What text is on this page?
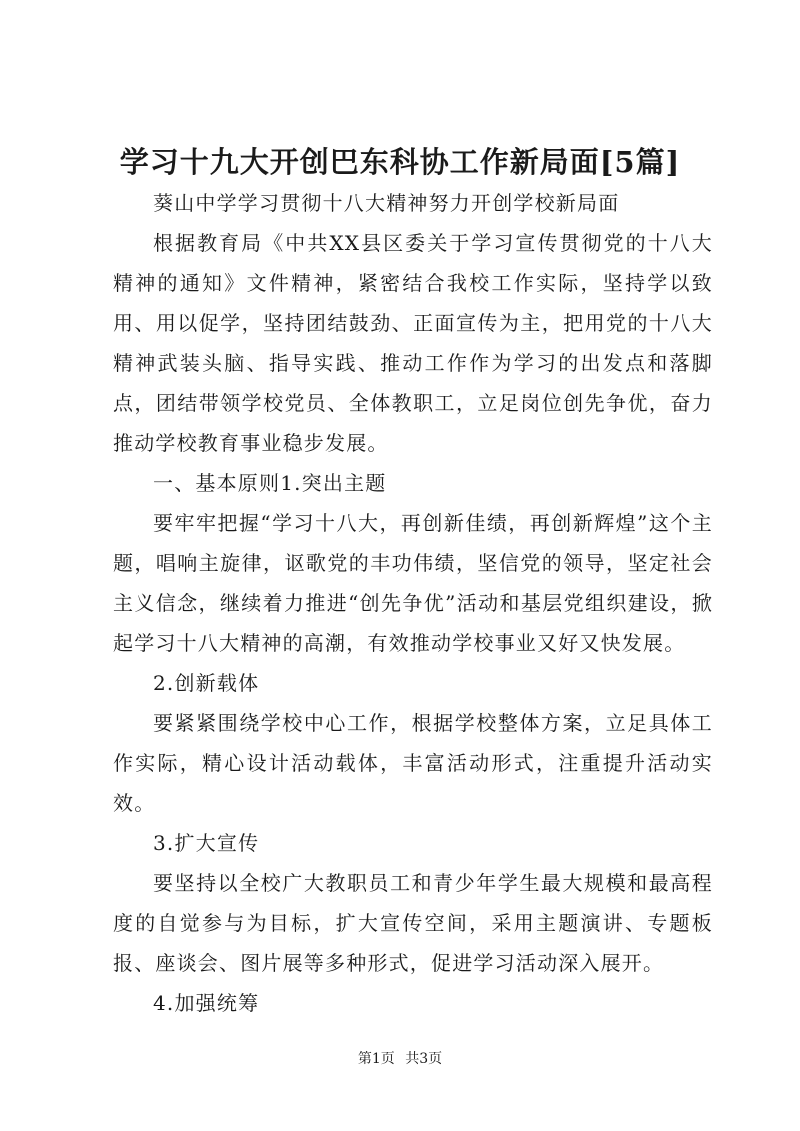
学习十九大开创巴东科协工作新局面[5篇]

葵山中学学习贯彻十八大精神努力开创学校新局面

根据教育局《中共XX县区委关于学习宣传贯彻党的十八大精神的通知》文件精神，紧密结合我校工作实际，坚持学以致用、用以促学，坚持团结鼓劲、正面宣传为主，把用党的十八大精神武装头脑、指导实践、推动工作作为学习的出发点和落脚点，团结带领学校党员、全体教职工，立足岗位创先争优，奋力推动学校教育事业稳步发展。

一、基本原则1.突出主题

要牢牢把握“学习十八大，再创新佳绩，再创新辉煌”这个主题，唱响主旋律，讴歌党的丰功伟绩，坚信党的领导，坚定社会主义信念，继续着力推进“创先争优”活动和基层党组织建设，掀起学习十八大精神的高潮，有效推动学校事业又好又快发展。

2.创新载体

要紧紧围绕学校中心工作，根据学校整体方案，立足具体工作实际，精心设计活动载体，丰富活动形式，注重提升活动实效。

3.扩大宣传

要坚持以全校广大教职员工和青少年学生最大规模和最高程度的自觉参与为目标，扩大宣传空间，采用主题演讲、专题板报、座谈会、图片展等多种形式，促进学习活动深入展开。

4.加强统筹

第1页 共3页
